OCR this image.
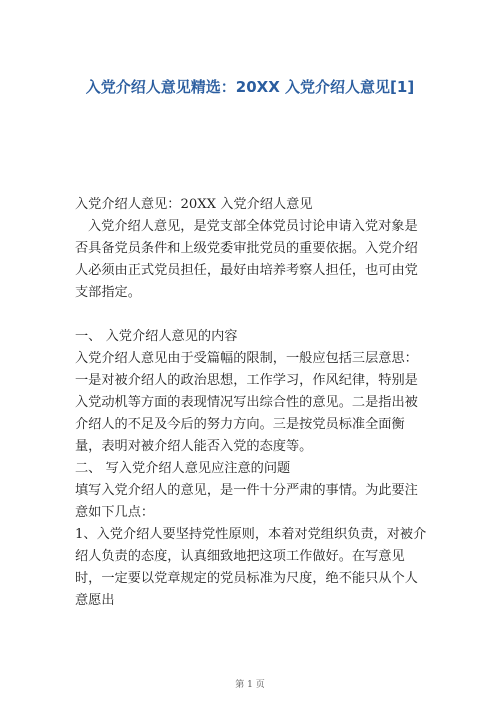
入党介绍人意见精选：20XX 入党介绍人意见[1]

入党介绍人意见：20XX 入党介绍人意见

入党介绍人意见，是党支部全体党员讨论申请入党对象是否具备党员条件和上级党委审批党员的重要依据。入党介绍人必须由正式党员担任，最好由培养考察人担任，也可由党支部指定。

一、 入党介绍人意见的内容

入党介绍人意见由于受篇幅的限制，一般应包括三层意思：一是对被介绍人的政治思想，工作学习，作风纪律，特别是入党动机等方面的表现情况写出综合性的意见。二是指出被介绍人的不足及今后的努力方向。三是按党员标准全面衡量，表明对被介绍人能否入党的态度等。

二、 写入党介绍人意见应注意的问题

填写入党介绍人的意见，是一件十分严肃的事情。为此要注意如下几点：

1、入党介绍人要坚持党性原则，本着对党组织负责，对被介绍人负责的态度，认真细致地把这项工作做好。在写意见时，一定要以党章规定的党员标准为尺度，绝不能只从个人意愿出

第 1 页
